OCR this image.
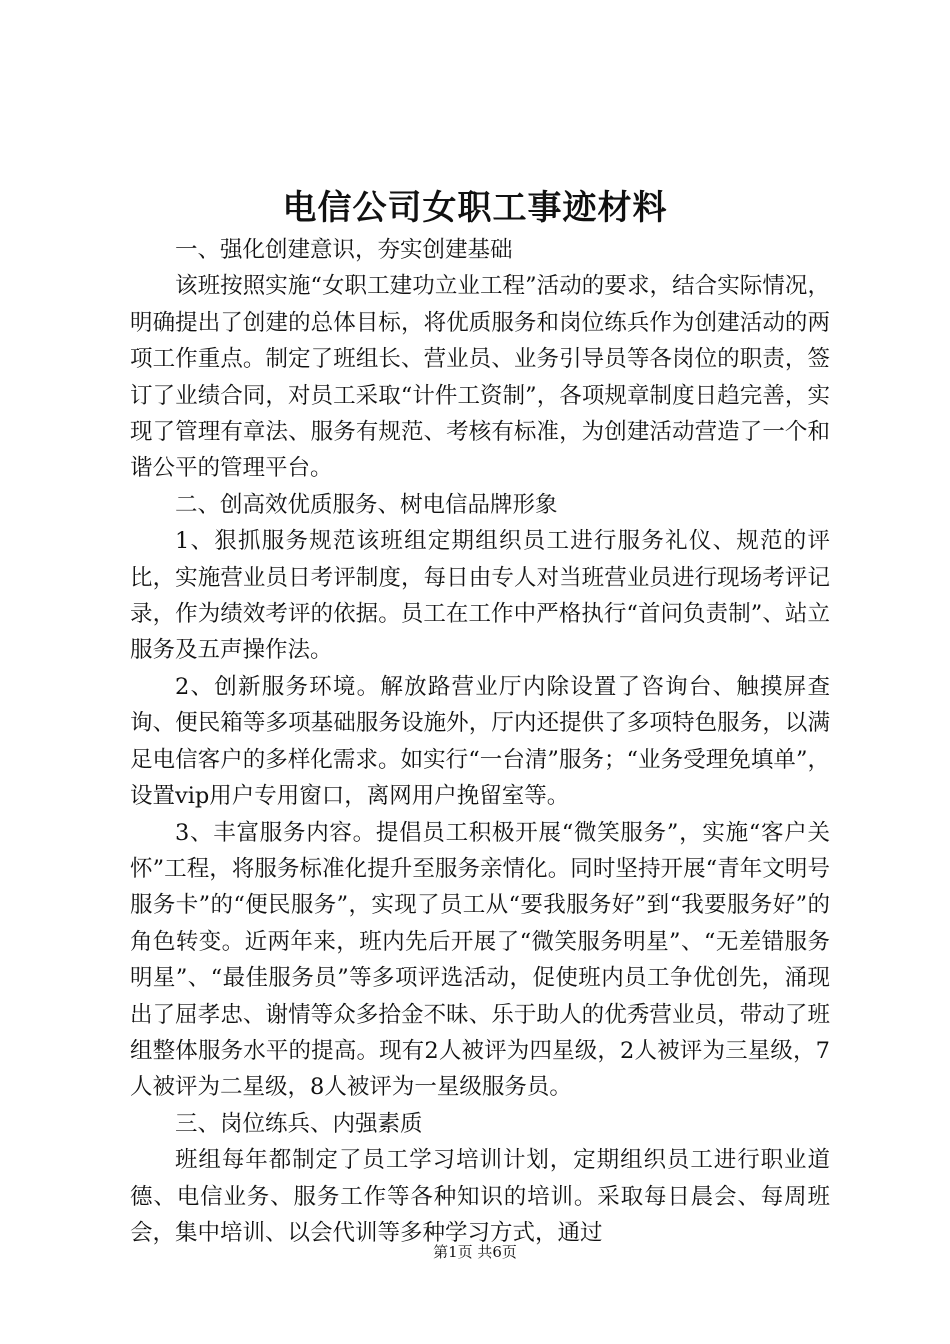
电信公司女职工事迹材料

一、强化创建意识，夯实创建基础

该班按照实施“女职工建功立业工程”活动的要求，结合实际情况，明确提出了创建的总体目标，将优质服务和岗位练兵作为创建活动的两项工作重点。制定了班组长、营业员、业务引导员等各岗位的职责，签订了业绩合同，对员工采取“计件工资制”，各项规章制度日趋完善，实现了管理有章法、服务有规范、考核有标准，为创建活动营造了一个和谐公平的管理平台。

二、创高效优质服务、树电信品牌形象

1、狠抓服务规范该班组定期组织员工进行服务礼仪、规范的评比，实施营业员日考评制度，每日由专人对当班营业员进行现场考评记录，作为绩效考评的依据。员工在工作中严格执行“首问负责制”、站立服务及五声操作法。

2、创新服务环境。解放路营业厅内除设置了咨询台、触摸屏查询、便民箱等多项基础服务设施外，厅内还提供了多项特色服务，以满足电信客户的多样化需求。如实行“一台清”服务；“业务受理免填单”，设置vip用户专用窗口，离网用户挽留室等。

3、丰富服务内容。提倡员工积极开展“微笑服务”，实施“客户关怀”工程，将服务标准化提升至服务亲情化。同时坚持开展“青年文明号服务卡”的“便民服务”，实现了员工从“要我服务好”到“我要服务好”的角色转变。近两年来，班内先后开展了“微笑服务明星”、“无差错服务明星”、“最佳服务员”等多项评选活动，促使班内员工争优创先，涌现出了屈孝忠、谢情等众多拾金不昧、乐于助人的优秀营业员，带动了班组整体服务水平的提高。现有2人被评为四星级，2人被评为三星级，7人被评为二星级，8人被评为一星级服务员。

三、岗位练兵、内强素质

班组每年都制定了员工学习培训计划，定期组织员工进行职业道德、电信业务、服务工作等各种知识的培训。采取每日晨会、每周班会，集中培训、以会代训等多种学习方式，通过

第1页 共6页
